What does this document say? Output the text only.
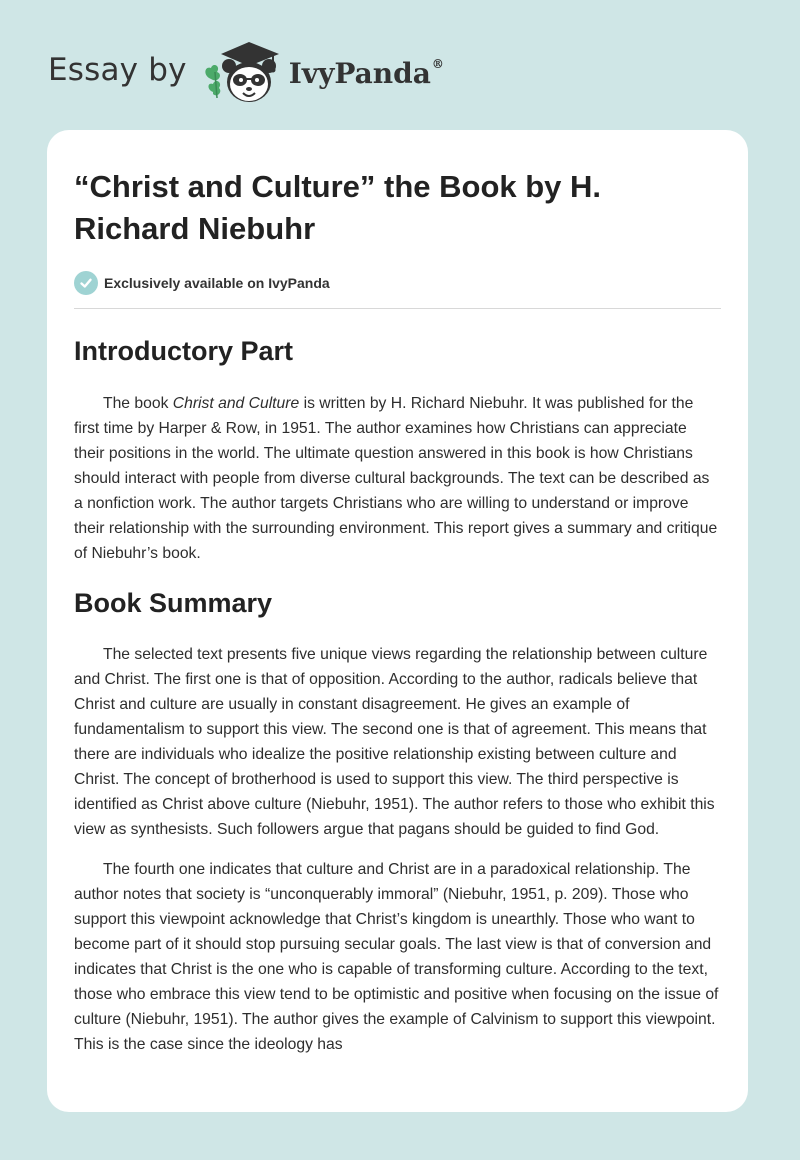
Essay by	IvyPanda®
“Christ and Culture” the Book by H. Richard Niebuhr
Exclusively available on IvyPanda
Introductory Part

The book Christ and Culture is written by H. Richard Niebuhr. It was published for the first time by Harper & Row, in 1951. The author examines how Christians can appreciate their positions in the world. The ultimate question answered in this book is how Christians should interact with people from diverse cultural backgrounds. The text can be described as a nonfiction work. The author targets Christians who are willing to understand or improve their relationship with the surrounding environment. This report gives a summary and critique of Niebuhr’s book.

Book Summary

The selected text presents five unique views regarding the relationship between culture and Christ. The first one is that of opposition. According to the author, radicals believe that Christ and culture are usually in constant disagreement. He gives an example of fundamentalism to support this view. The second one is that of agreement. This means that there are individuals who idealize the positive relationship existing between culture and Christ. The concept of brotherhood is used to support this view. The third perspective is identified as Christ above culture (Niebuhr, 1951). The author refers to those who exhibit this view as synthesists. Such followers argue that pagans should be guided to find God.

The fourth one indicates that culture and Christ are in a paradoxical relationship. The author notes that society is “unconquerably immoral” (Niebuhr, 1951, p. 209). Those who support this viewpoint acknowledge that Christ’s kingdom is unearthly. Those who want to become part of it should stop pursuing secular goals. The last view is that of conversion and indicates that Christ is the one who is capable of transforming culture. According to the text, those who embrace this view tend to be optimistic and positive when focusing on the issue of culture (Niebuhr, 1951). The author gives the example of Calvinism to support this viewpoint. This is the case since the ideology has
